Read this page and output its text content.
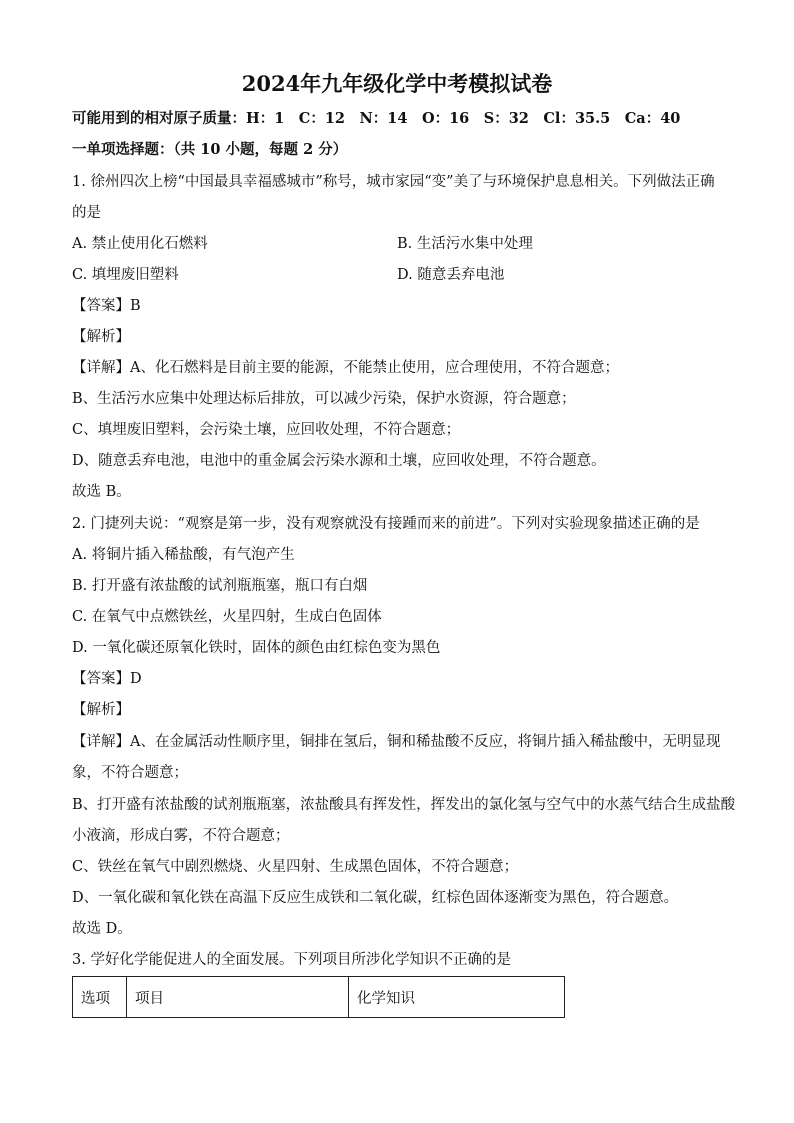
2024年九年级化学中考模拟试卷
可能用到的相对原子质量：H：1　C：12　N：14　O：16　S：32　Cl：35.5　Ca：40
一单项选择题：（共 10 小题，每题 2 分）
1. 徐州四次上榜“中国最具幸福感城市”称号，城市家园“变”美了与环境保护息息相关。下列做法正确
的是
A. 禁止使用化石燃料	B. 生活污水集中处理
C. 填埋废旧塑料	D. 随意丢弃电池
【答案】B
【解析】
【详解】A、化石燃料是目前主要的能源，不能禁止使用，应合理使用，不符合题意；
B、生活污水应集中处理达标后排放，可以减少污染，保护水资源，符合题意；
C、填埋废旧塑料，会污染土壤，应回收处理，不符合题意；
D、随意丢弃电池，电池中的重金属会污染水源和土壤，应回收处理，不符合题意。
故选 B。
2. 门捷列夫说：“观察是第一步，没有观察就没有接踵而来的前进”。下列对实验现象描述正确的是
A. 将铜片插入稀盐酸，有气泡产生
B. 打开盛有浓盐酸的试剂瓶瓶塞，瓶口有白烟
C. 在氧气中点燃铁丝，火星四射，生成白色固体
D. 一氧化碳还原氧化铁时，固体的颜色由红棕色变为黑色
【答案】D
【解析】
【详解】A、在金属活动性顺序里，铜排在氢后，铜和稀盐酸不反应，将铜片插入稀盐酸中，无明显现
象，不符合题意；
B、打开盛有浓盐酸的试剂瓶瓶塞，浓盐酸具有挥发性，挥发出的氯化氢与空气中的水蒸气结合生成盐酸
小液滴，形成白雾，不符合题意；
C、铁丝在氧气中剧烈燃烧、火星四射、生成黑色固体，不符合题意；
D、一氧化碳和氧化铁在高温下反应生成铁和二氧化碳，红棕色固体逐渐变为黑色，符合题意。
故选 D。
3. 学好化学能促进人的全面发展。下列项目所涉化学知识不正确的是
选项	项目	化学知识
